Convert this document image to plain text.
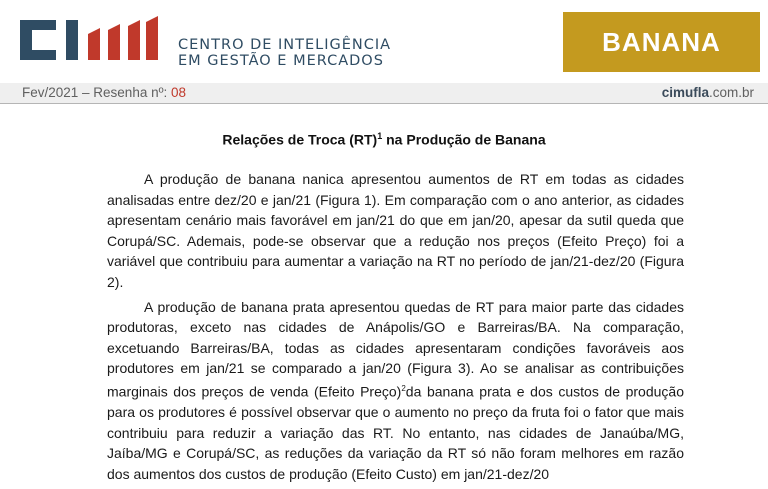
CENTRO DE INTELIGÊNCIA
EM GESTÃO E MERCADOS
BANANA
Fev/2021 – Resenha nº: 08	cimufla.com.br
Relações de Troca (RT)$^1$ na Produção de Banana

A produção de banana nanica apresentou aumentos de RT em todas as cidades analisadas entre dez/20 e jan/21 (Figura 1). Em comparação com o ano anterior, as cidades apresentam cenário mais favorável em jan/21 do que em jan/20, apesar da sutil queda que Corupá/SC. Ademais, pode-se observar que a redução nos preços (Efeito Preço) foi a variável que contribuiu para aumentar a variação na RT no período de jan/21-dez/20 (Figura 2).

A produção de banana prata apresentou quedas de RT para maior parte das cidades produtoras, exceto nas cidades de Anápolis/GO e Barreiras/BA. Na comparação, excetuando Barreiras/BA, todas as cidades apresentaram condições favoráveis aos produtores em jan/21 se comparado a jan/20 (Figura 3). Ao se analisar as contribuições marginais dos preços de venda (Efeito Preço)$^2$da banana prata e dos custos de produção para os produtores é possível observar que o aumento no preço da fruta foi o fator que mais contribuiu para reduzir a variação das RT. No entanto, nas cidades de Janaúba/MG, Jaíba/MG e Corupá/SC, as reduções da variação da RT só não foram melhores em razão dos aumentos dos custos de produção (Efeito Custo) em jan/21-dez/20
